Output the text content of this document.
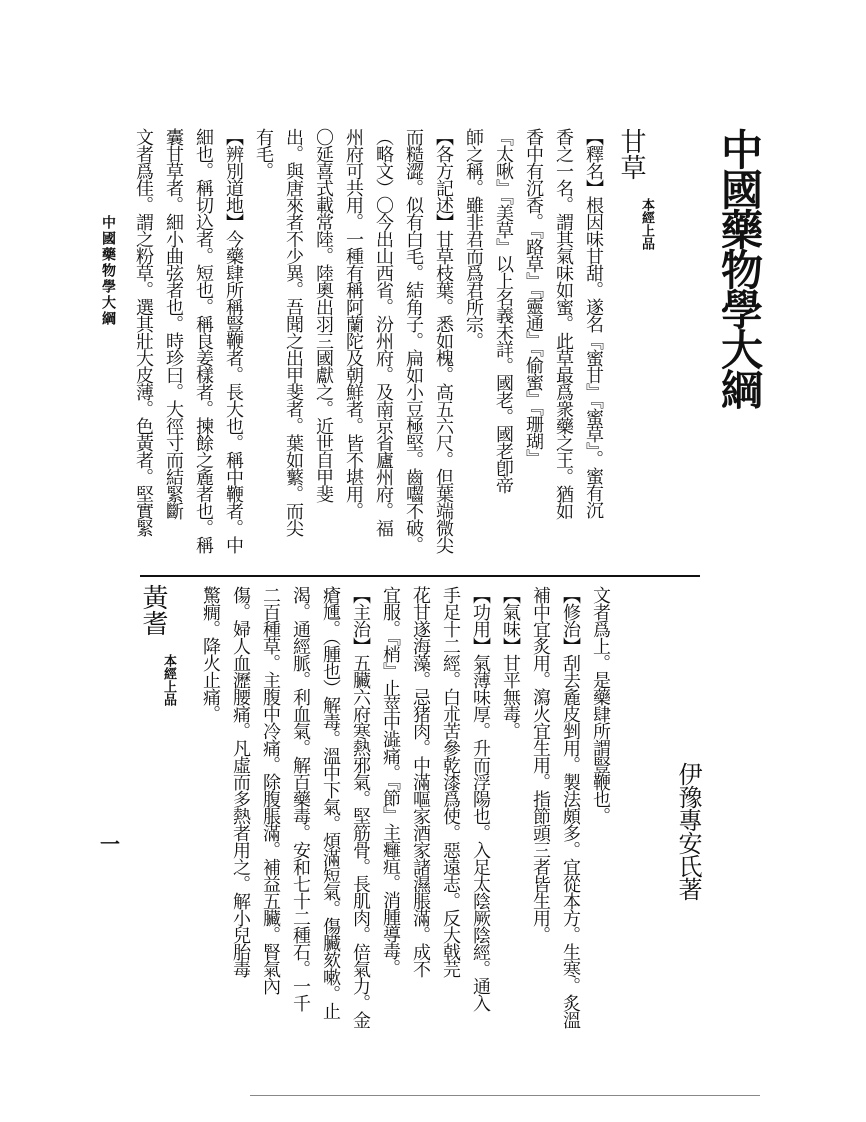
中國藥物學大綱
甘草
本經上品
【釋名】根因味甘甜。遂名『蜜甘』『蜜草』。蜜有沉
香之一名。謂其氣味如蜜。此草最爲衆藥之王。猶如
香中有沉香。『路草』『靈通』『偷蜜』『珊瑚』
『太啾』『美草』以上名義未詳。國老。國老卽帝
師之稱。雖非君而爲君所宗。
【各方記述】甘草枝葉。悉如槐。高五六尺。但葉端微尖
而糙澀。似有白毛。結角子。扁如小豆極堅。齒囓不破。
（略文）〇今出山西省。汾州府。及南京省廬州府。福
州府可共用。一種有稱阿蘭陀及朝鮮者。皆不堪用。
〇延喜式載常陸。陸奧出羽三國獻之。近世自甲斐
出。與唐來者不少異。吾聞之出甲斐者。葉如蘩。而尖
有毛。
【辨別道地】今藥肆所稱豎鞭者。長大也。稱中鞭者。中
細也。稱切込者。短也。稱良姜樣者。揀餘之麁者也。稱
囊甘草者。細小曲弦者也。時珍曰。大徑寸而結緊斷
文者爲佳。謂之粉草。選其壯大皮薄。色黃者。堅實緊
伊豫專安氏著
文者爲上。是藥肆所謂豎鞭也。
【修治】刮去麁皮剉用。製法頗多。宜從本方。生寒。炙溫
補中宜炙用。瀉火宜生用。指節頭三者皆生用。
【氣味】甘平無毒。
【功用】氣薄味厚。升而浮陽也。入足太陰厥陰經。通入
手足十二經。白朮苦參乾漆爲使。惡遠志。反大戟芫
花甘遂海藻。忌猪肉。中滿嘔家酒家諸濕脹滿。成不
宜服。『梢』止莖中澁痛。『節』主癰疽。消腫導毒。
【主治】五臟六府寒熱邪氣。堅筋骨。長肌肉。倍氣力。金
瘡尰。（腫也）解毒。溫中下氣。煩滿短氣。傷臟欬嗽。止
渴。通經脈。利血氣。解百藥毒。安和七十二種石。一千
二百種草。主腹中冷痛。除腹脹滿。補益五臟。腎氣內
傷。婦人血瀝腰痛。凡虛而多熱者用之。解小兒胎毒
驚癇。降火止痛。
黃耆
本經上品
中國藥物學大綱
一
